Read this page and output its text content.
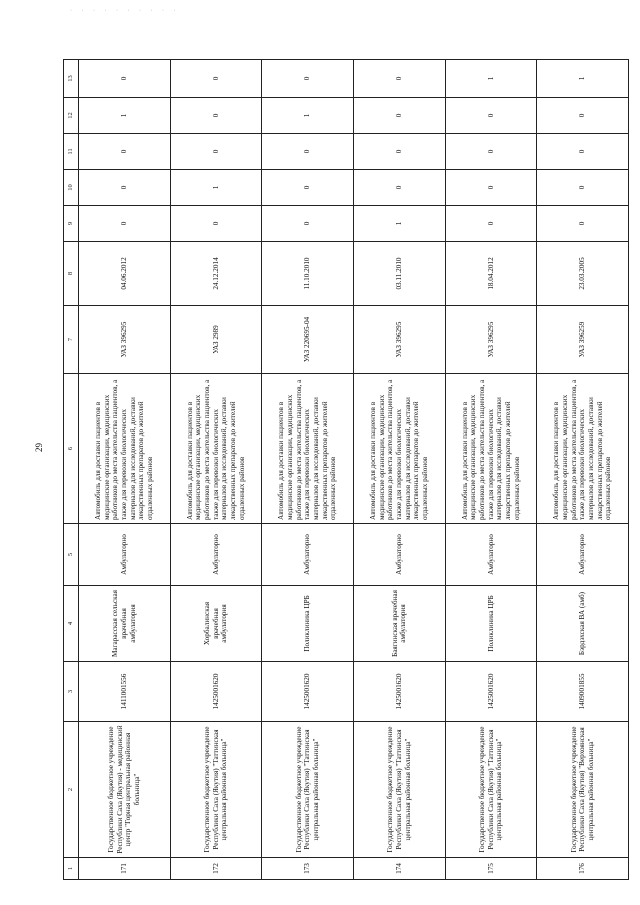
· · · · · · · · · ·
29
1	2	3	4	5	6	7	8	9	10	11	12	13
171	Государственное бюджетное учреждение Республики Саха (Якутия) - медицинский центр "Горная центральная районная больница"	1411001556	Магарасская сельская врачебная амбулатория	Амбулаторно	Автомобиль для доставки пациентов в медицинские организации, медицинских работников до места жительства пациентов, а также для перевозки биологических материалов для исследований, доставки лекарственных препаратов до жителей отдаленных районов	УАЗ 396295	04.06.2012	0	0	0	1	0
172	Государственное бюджетное учреждение Республики Саха (Якутия) "Таттинская центральная районная больница"	1425001620	Хорбалинская врачебная амбулатория	Амбулаторно	Автомобиль для доставки пациентов в медицинские организации, медицинских работников до места жительства пациентов, а также для перевозки биологических материалов для исследований, доставки лекарственных препаратов до жителей отдаленных районов	УАЗ 2989	24.12.2014	0	1	0	0	0
173	Государственное бюджетное учреждение Республики Саха (Якутия) "Таттинская центральная районная больница"	1425001620	Поликлиника ЦРБ	Амбулаторно	Автомобиль для доставки пациентов в медицинские организации, медицинских работников до места жительства пациентов, а также для перевозки биологических материалов для исследований, доставки лекарственных препаратов до жителей отдаленных районов	УАЗ 220695-04	11.10.2010	0	0	0	1	0
174	Государственное бюджетное учреждение Республики Саха (Якутия) "Таттинская центральная районная больница"	1425001620	Баягинская врачебная амбулатория	Амбулаторно	Автомобиль для доставки пациентов в медицинские организации, медицинских работников до места жительства пациентов, а также для перевозки биологических материалов для исследований, доставки лекарственных препаратов до жителей отдаленных районов	УАЗ 396295	03.11.2010	1	0	0	0	0
175	Государственное бюджетное учреждение Республики Саха (Якутия) "Таттинская центральная районная больница"	1425001620	Поликлиника ЦРБ	Амбулаторно	Автомобиль для доставки пациентов в медицинские организации, медицинских работников до места жительства пациентов, а также для перевозки биологических материалов для исследований, доставки лекарственных препаратов до жителей отдаленных районов	УАЗ 396295	18.04.2012	0	0	0	0	1
176	Государственное бюджетное учреждение Республики Саха (Якутия) "Верхоянская центральная районная больница"	1409001855	Бэрдэхская ВА (амб)	Амбулаторно	Автомобиль для доставки пациентов в медицинские организации, медицинских работников до места жительства пациентов, а также для перевозки биологических материалов для исследований, доставки лекарственных препаратов до жителей отдаленных районов	УАЗ 396259	23.03.2005	0	0	0	0	1
